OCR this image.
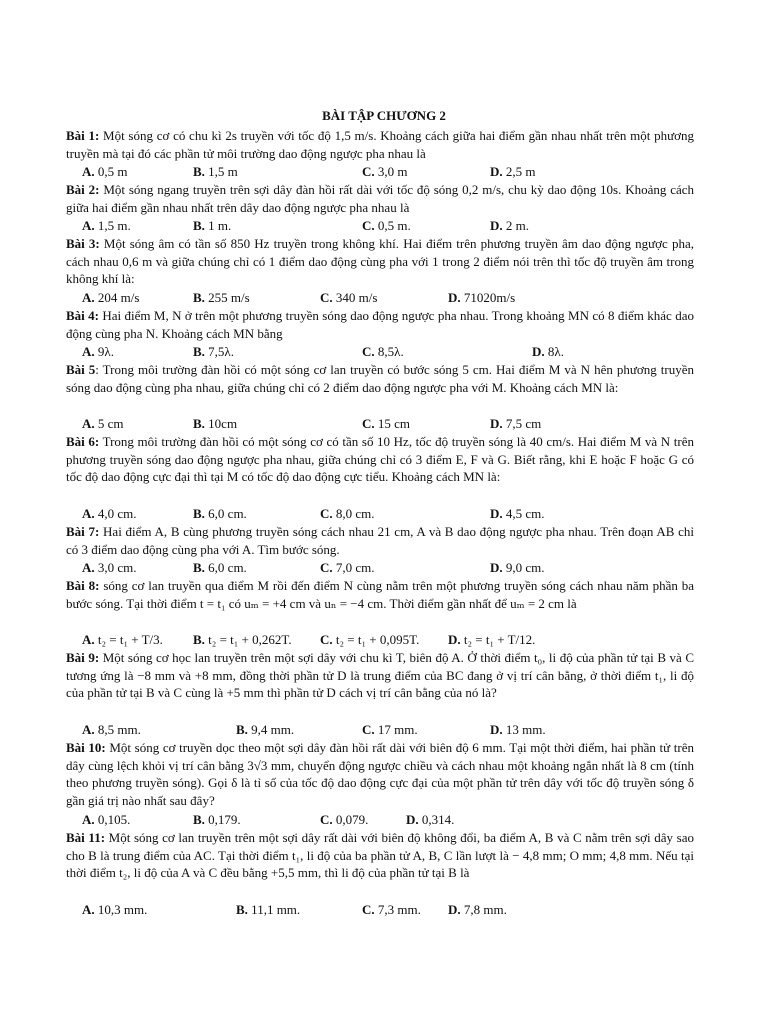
BÀI TẬP CHƯƠNG 2
Bài 1: Một sóng cơ có chu kì 2s truyền với tốc độ 1,5 m/s. Khoảng cách giữa hai điểm gần nhau nhất trên một phương truyền mà tại đó các phần tử môi trường dao động ngược pha nhau là
A. 0,5 m	B. 1,5 m	C. 3,0 m	D. 2,5 m
Bài 2: Một sóng ngang truyền trên sợi dây đàn hồi rất dài với tốc độ sóng 0,2 m/s, chu kỳ dao động 10s. Khoảng cách giữa hai điểm gần nhau nhất trên dây dao động ngược pha nhau là
A. 1,5 m.	B. 1 m.	C. 0,5 m.	D. 2 m.
Bài 3: Một sóng âm có tần số 850 Hz truyền trong không khí. Hai điểm trên phương truyền âm dao động ngược pha, cách nhau 0,6 m và giữa chúng chỉ có 1 điểm dao động cùng pha với 1 trong 2 điểm nói trên thì tốc độ truyền âm trong không khí là:
A. 204 m/s	B. 255 m/s	C. 340 m/s	D. 71020m/s
Bài 4: Hai điểm M, N ở trên một phương truyền sóng dao động ngược pha nhau. Trong khoảng MN có 8 điểm khác dao động cùng pha N. Khoảng cách MN bằng
A. 9λ.	B. 7,5λ.	C. 8,5λ.	D. 8λ.
Bài 5: Trong môi trường đàn hồi có một sóng cơ lan truyền có bước sóng 5 cm. Hai điểm M và N hên phương truyền sóng dao động cùng pha nhau, giữa chúng chỉ có 2 điểm dao động ngược pha với M. Khoảng cách MN là:
A. 5 cm	B. 10cm	C. 15 cm	D. 7,5 cm
Bài 6: Trong môi trường đàn hồi có một sóng cơ có tần số 10 Hz, tốc độ truyền sóng là 40 cm/s. Hai điểm M và N trên phương truyền sóng dao động ngược pha nhau, giữa chúng chỉ có 3 điểm E, F và G. Biết rằng, khi E hoặc F hoặc G có tốc độ dao động cực đại thì tại M có tốc độ dao động cực tiểu. Khoảng cách MN là:
A. 4,0 cm.	B. 6,0 cm.	C. 8,0 cm.	D. 4,5 cm.
Bài 7: Hai điểm A, B cùng phương truyền sóng cách nhau 21 cm, A và B dao động ngược pha nhau. Trên đoạn AB chỉ có 3 điểm dao động cùng pha với A. Tìm bước sóng.
A. 3,0 cm.	B. 6,0 cm.	C. 7,0 cm.	D. 9,0 cm.
Bài 8: sóng cơ lan truyền qua điểm M rồi đến điểm N cùng nằm trên một phương truyền sóng cách nhau năm phần ba bước sóng. Tại thời điểm t = t₁ có uₘ = +4 cm và uₙ = −4 cm. Thời điểm gần nhất để uₘ = 2 cm là
A. t₂ = t₁ + T/3. B. t₂ = t₁ + 0,262T. C. t₂ = t₁ + 0,095T. D. t₂ = t₁ + T/12.
Bài 9: Một sóng cơ học lan truyền trên một sợi dây với chu kì T, biên độ A. Ở thời điểm t₀, li độ của phần tử tại B và C tương ứng là −8 mm và +8 mm, đồng thời phần tử D là trung điểm của BC đang ở vị trí cân bằng, ở thời điểm t₁, li độ của phần tử tại B và C cùng là +5 mm thì phần tử D cách vị trí cân bằng của nó là?
A. 8,5 mm.	B. 9,4 mm.	C. 17 mm.	D. 13 mm.
Bài 10: Một sóng cơ truyền dọc theo một sợi dây đàn hồi rất dài với biên độ 6 mm. Tại một thời điểm, hai phần tử trên dây cùng lệch khỏi vị trí cân bằng 3√3 mm, chuyển động ngược chiều và cách nhau một khoảng ngắn nhất là 8 cm (tính theo phương truyền sóng). Gọi δ là tỉ số của tốc độ dao động cực đại của một phần tử trên dây với tốc độ truyền sóng δ gần giá trị nào nhất sau đây?
A. 0,105.	B. 0,179.	C. 0,079.	D. 0,314.
Bài 11: Một sóng cơ lan truyền trên một sợi dây rất dài với biên độ không đổi, ba điểm A, B và C nằm trên sợi dây sao cho B là trung điểm của AC. Tại thời điểm t₁, li độ của ba phần tử A, B, C lần lượt là − 4,8 mm; O mm; 4,8 mm. Nếu tại thời điểm t₂, li độ của A và C đều bằng +5,5 mm, thì li độ của phần tử tại B là
A. 10,3 mm.	B. 11,1 mm.	C. 7,3 mm. D. 7,8 mm.
